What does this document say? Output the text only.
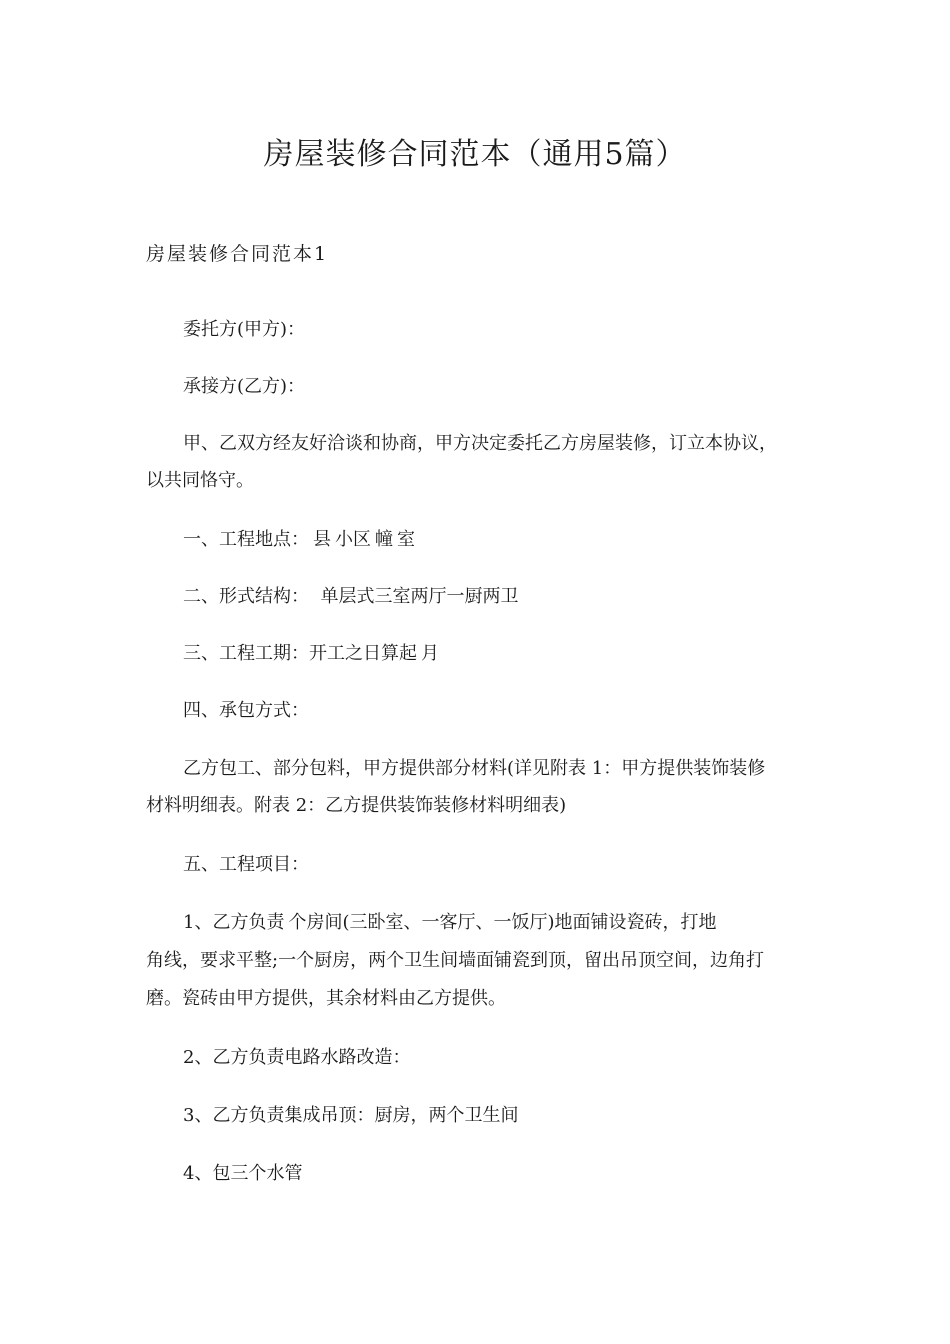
房屋装修合同范本（通用5篇）
房屋装修合同范本1
委托方(甲方)：
承接方(乙方)：
甲、乙双方经友好洽谈和协商，甲方决定委托乙方房屋装修，订立本协议，
以共同恪守。
一、工程地点： 县 小区 幢 室
二、形式结构：  单层式三室两厅一厨两卫
三、工程工期：开工之日算起 月
四、承包方式：
乙方包工、部分包料，甲方提供部分材料(详见附表 1：甲方提供装饰装修
材料明细表。附表 2：乙方提供装饰装修材料明细表)
五、工程项目：
1、乙方负责 个房间(三卧室、一客厅、一饭厅)地面铺设瓷砖，打地
角线，要求平整;一个厨房，两个卫生间墙面铺瓷到顶，留出吊顶空间，边角打
磨。瓷砖由甲方提供，其余材料由乙方提供。
2、乙方负责电路水路改造：
3、乙方负责集成吊顶：厨房，两个卫生间
4、包三个水管
